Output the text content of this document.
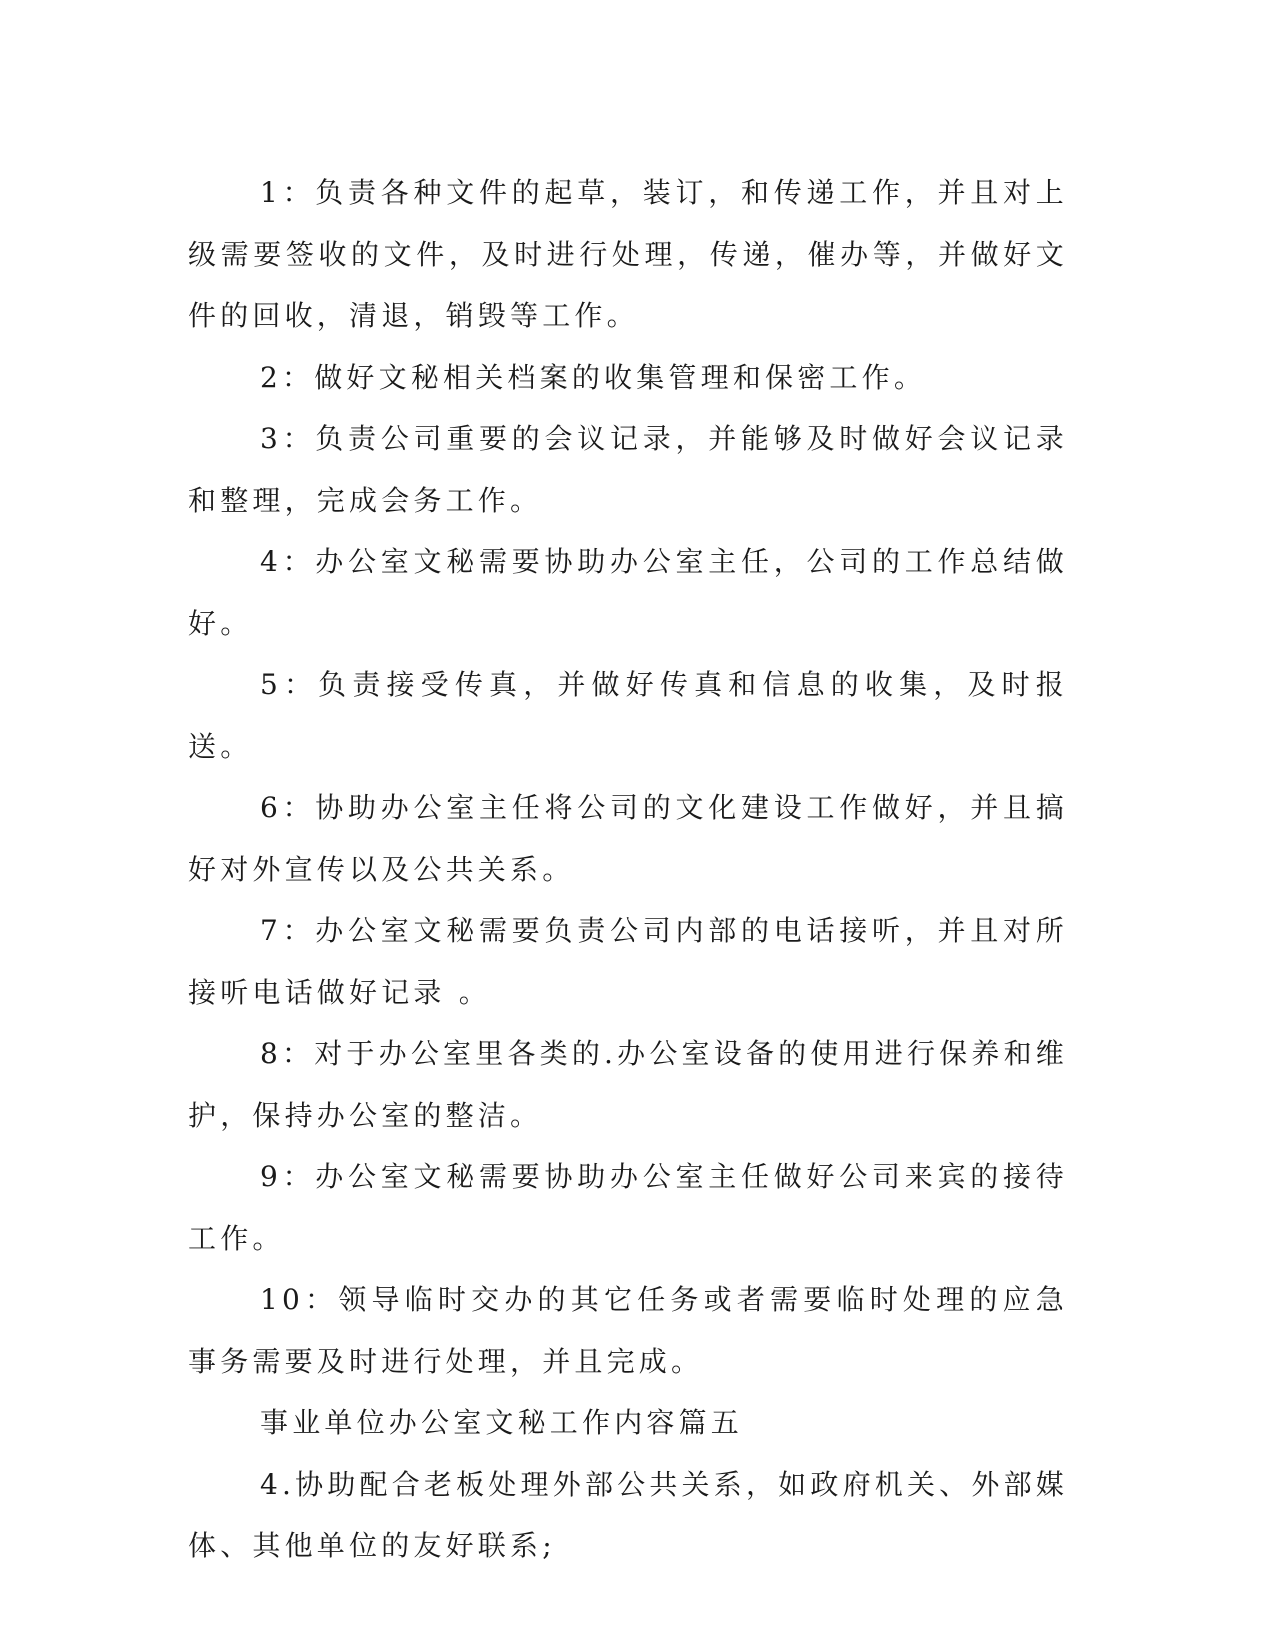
1：负责各种文件的起草，装订，和传递工作，并且对上级需要签收的文件，及时进行处理，传递，催办等，并做好文件的回收，清退，销毁等工作。

2：做好文秘相关档案的收集管理和保密工作。

3：负责公司重要的会议记录，并能够及时做好会议记录和整理，完成会务工作。

4：办公室文秘需要协助办公室主任，公司的工作总结做好。

5：负责接受传真，并做好传真和信息的收集，及时报送。

6：协助办公室主任将公司的文化建设工作做好，并且搞好对外宣传以及公共关系。

7：办公室文秘需要负责公司内部的电话接听，并且对所接听电话做好记录 。

8：对于办公室里各类的.办公室设备的使用进行保养和维护，保持办公室的整洁。

9：办公室文秘需要协助办公室主任做好公司来宾的接待工作。

10：领导临时交办的其它任务或者需要临时处理的应急事务需要及时进行处理，并且完成。

事业单位办公室文秘工作内容篇五

4.协助配合老板处理外部公共关系，如政府机关、外部媒体、其他单位的友好联系;
